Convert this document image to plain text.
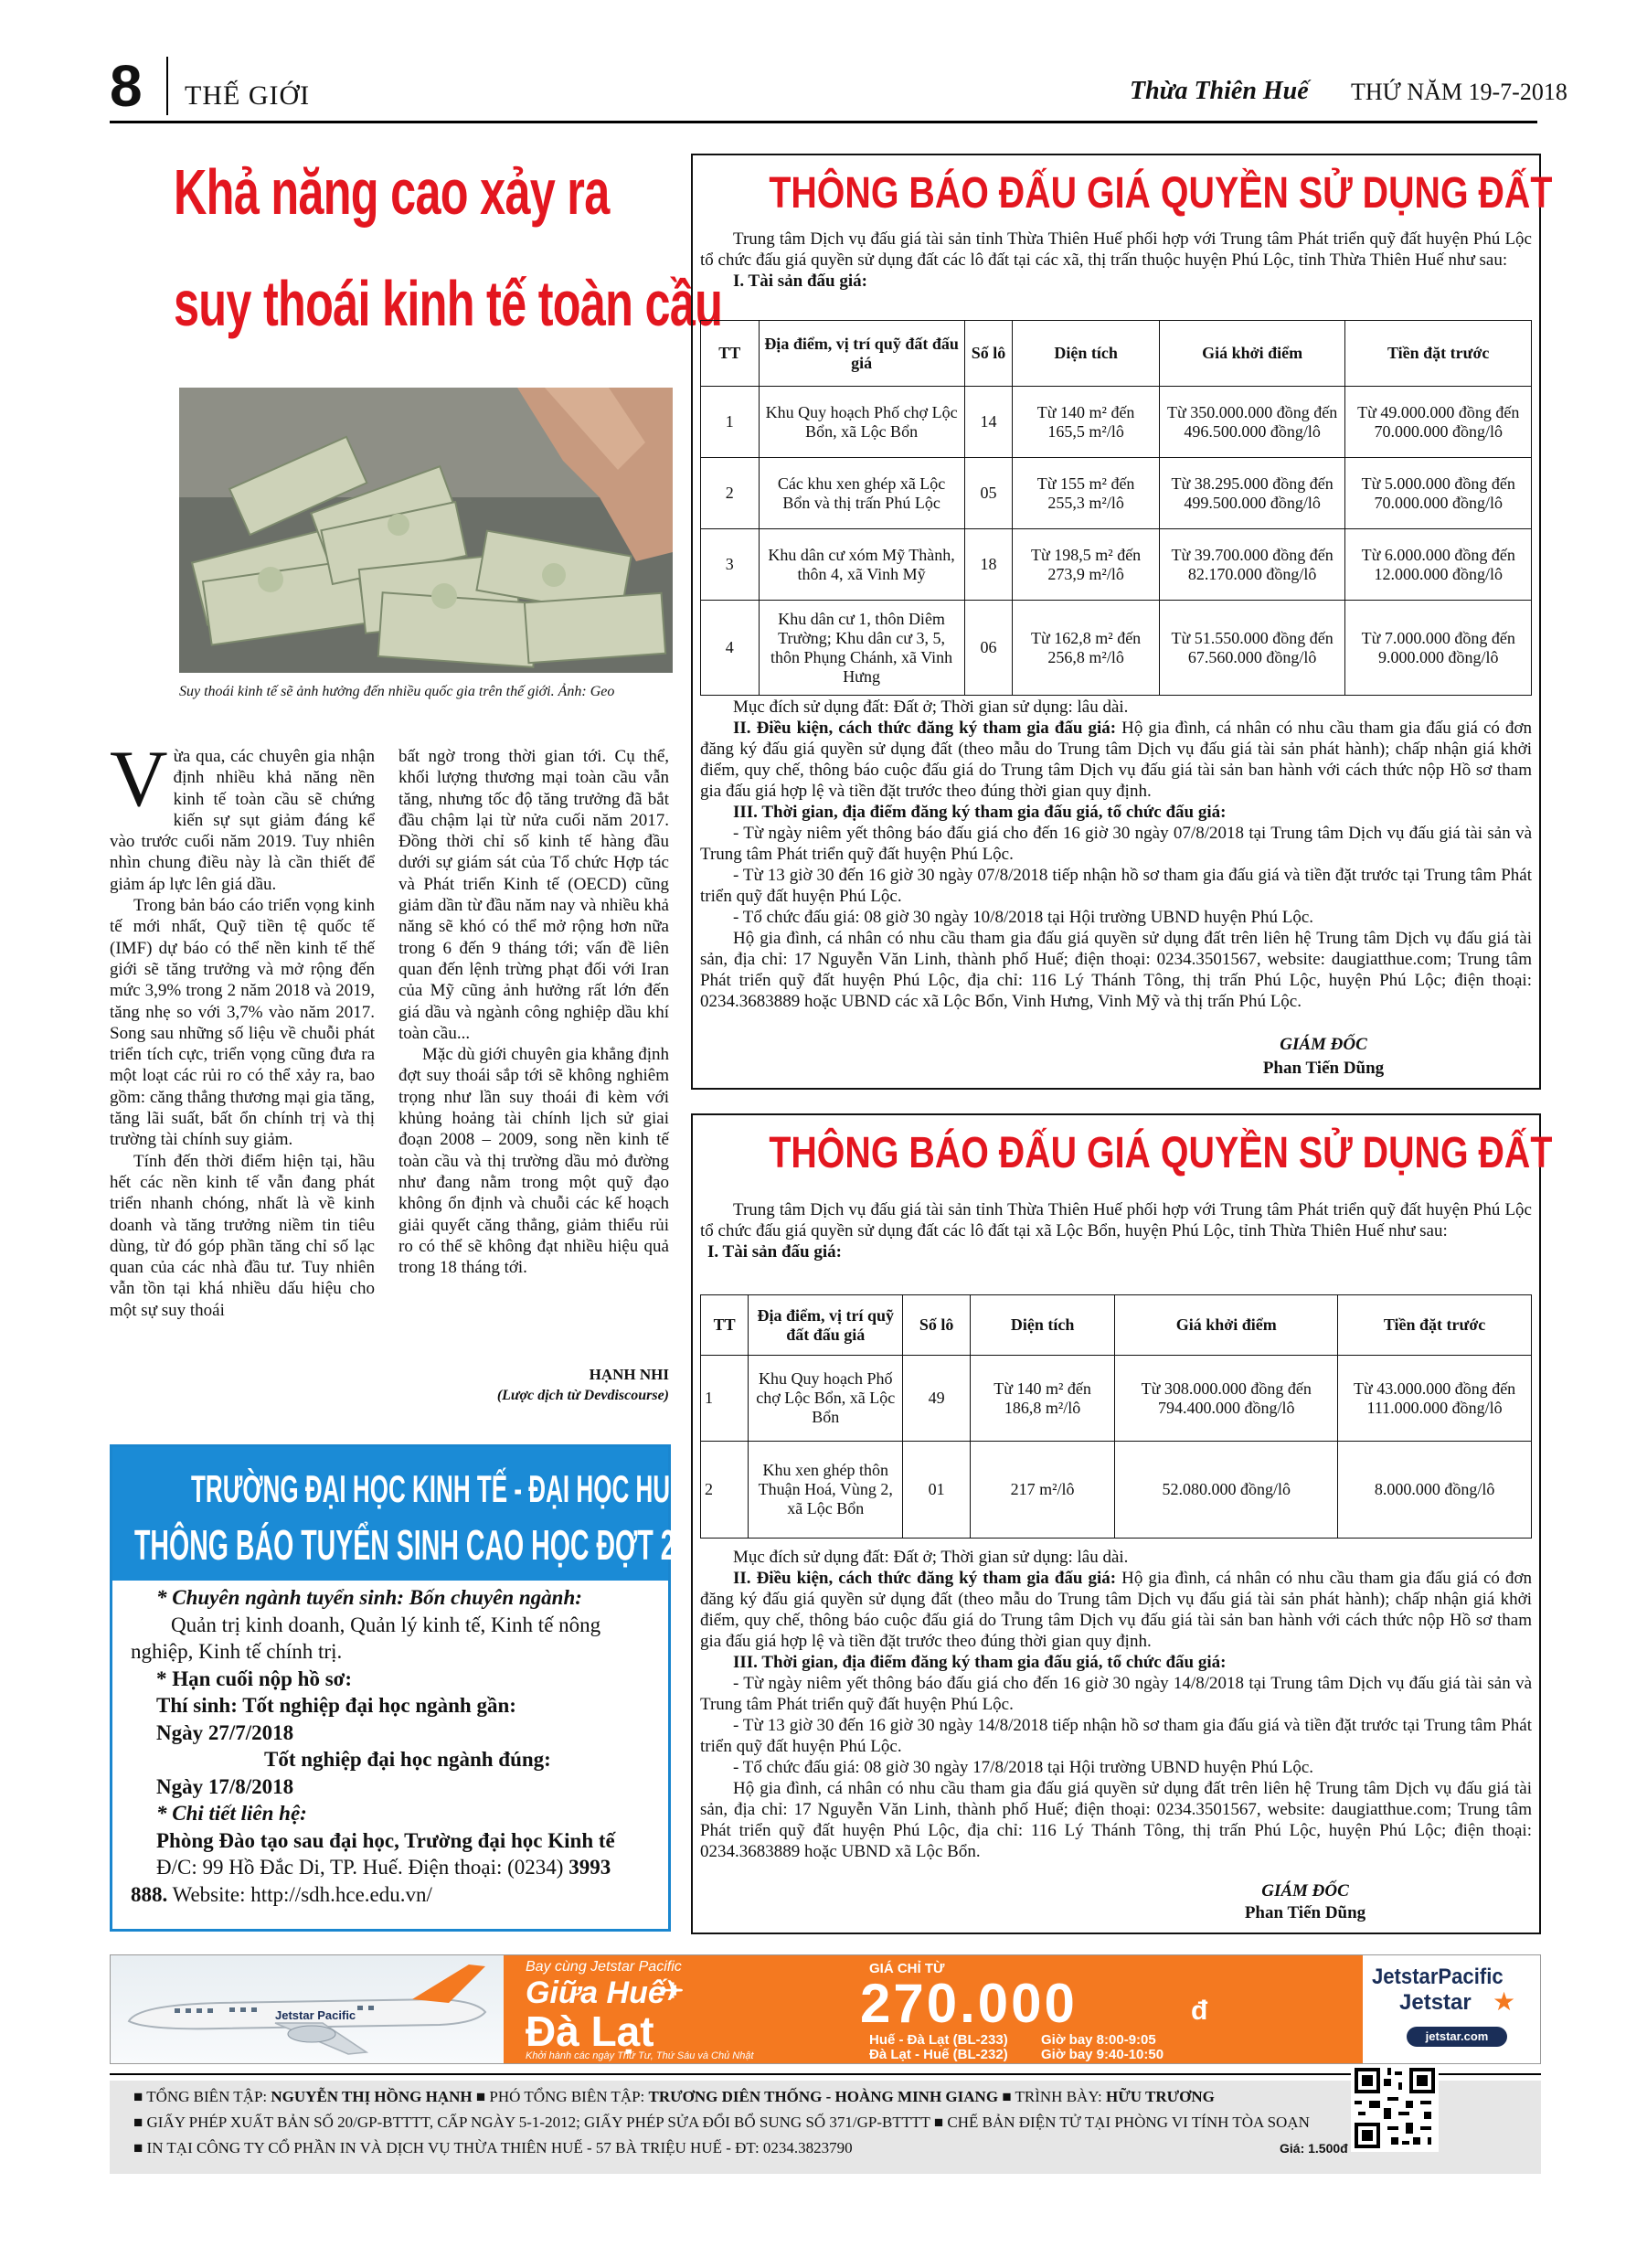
8 THẾ GIỚI	Thừa Thiên Huế THỨ NĂM 19-7-2018
Khả năng cao xảy ra
suy thoái kinh tế toàn cầu
Suy thoái kinh tế sẽ ảnh hưởng đến nhiều quốc gia trên thế giới. Ảnh: Geo

Vừa qua, các chuyên gia nhận định nhiều khả năng nền kinh tế toàn cầu sẽ chứng kiến sự sụt giảm đáng kể vào trước cuối năm 2019. Tuy nhiên nhìn chung điều này là cần thiết để giảm áp lực lên giá dầu.

Trong bản báo cáo triển vọng kinh tế mới nhất, Quỹ tiền tệ quốc tế (IMF) dự báo có thể nền kinh tế thế giới sẽ tăng trưởng và mở rộng đến mức 3,9% trong 2 năm 2018 và 2019, tăng nhẹ so với 3,7% vào năm 2017. Song sau những số liệu về chuỗi phát triển tích cực, triển vọng cũng đưa ra một loạt các rủi ro có thể xảy ra, bao gồm: căng thẳng thương mại gia tăng, tăng lãi suất, bất ổn chính trị và thị trường tài chính suy giảm.

Tính đến thời điểm hiện tại, hầu hết các nền kinh tế vẫn đang phát triển nhanh chóng, nhất là về kinh doanh và tăng trưởng niềm tin tiêu dùng, từ đó góp phần tăng chỉ số lạc quan của các nhà đầu tư. Tuy nhiên vẫn tồn tại khá nhiều dấu hiệu cho một sự suy thoái

bất ngờ trong thời gian tới. Cụ thể, khối lượng thương mại toàn cầu vẫn tăng, nhưng tốc độ tăng trưởng đã bắt đầu chậm lại từ nửa cuối năm 2017. Đồng thời chỉ số kinh tế hàng đầu dưới sự giám sát của Tổ chức Hợp tác và Phát triển Kinh tế (OECD) cũng giảm dần từ đầu năm nay và nhiều khả năng sẽ khó có thể mở rộng hơn nữa trong 6 đến 9 tháng tới; vấn đề liên quan đến lệnh trừng phạt đối với Iran của Mỹ cũng ảnh hưởng rất lớn đến giá dầu và ngành công nghiệp dầu khí toàn cầu...

Mặc dù giới chuyên gia khẳng định đợt suy thoái sắp tới sẽ không nghiêm trọng như lần suy thoái đi kèm với khủng hoảng tài chính lịch sử giai đoạn 2008 – 2009, song nền kinh tế toàn cầu và thị trường dầu mỏ đường như đang nằm trong một quỹ đạo không ổn định và chuỗi các kế hoạch giải quyết căng thẳng, giảm thiểu rủi ro có thể sẽ không đạt nhiều hiệu quả trong 18 tháng tới.

HẠNH NHI
(Lược dịch từ Devdiscourse)
TRƯỜNG ĐẠI HỌC KINH TẾ - ĐẠI HỌC HUẾ
THÔNG BÁO TUYỂN SINH CAO HỌC ĐỢT 2 NĂM 2018
* Chuyên ngành tuyển sinh: Bốn chuyên ngành:
Quản trị kinh doanh, Quản lý kinh tế, Kinh tế nông
nghiệp, Kinh tế chính trị.
* Hạn cuối nộp hồ sơ:
Thí sinh: Tốt nghiệp đại học ngành gần:
Ngày 27/7/2018
Tốt nghiệp đại học ngành đúng:
Ngày 17/8/2018
* Chi tiết liên hệ:
Phòng Đào tạo sau đại học, Trường đại học Kinh tế
Đ/C: 99 Hồ Đắc Di, TP. Huế. Điện thoại: (0234) 3993
888. Website: http://sdh.hce.edu.vn/
THÔNG BÁO ĐẤU GIÁ QUYỀN SỬ DỤNG ĐẤT

Trung tâm Dịch vụ đấu giá tài sản tỉnh Thừa Thiên Huế phối hợp với Trung tâm Phát triển quỹ đất huyện Phú Lộc tổ chức đấu giá quyền sử dụng đất các lô đất tại các xã, thị trấn thuộc huyện Phú Lộc, tỉnh Thừa Thiên Huế như sau:

I. Tài sản đấu giá:

TT	Địa điểm, vị trí quỹ đất đấu giá	Số lô	Diện tích	Giá khởi điểm	Tiền đặt trước
1	Khu Quy hoạch Phố chợ Lộc Bổn, xã Lộc Bổn	14	Từ 140 m² đến 165,5 m²/lô	Từ 350.000.000 đồng đến 496.500.000 đồng/lô	Từ 49.000.000 đồng đến 70.000.000 đồng/lô
2	Các khu xen ghép xã Lộc Bổn và thị trấn Phú Lộc	05	Từ 155 m² đến 255,3 m²/lô	Từ 38.295.000 đồng đến 499.500.000 đồng/lô	Từ 5.000.000 đồng đến 70.000.000 đồng/lô
3	Khu dân cư xóm Mỹ Thành, thôn 4, xã Vinh Mỹ	18	Từ 198,5 m² đến 273,9 m²/lô	Từ 39.700.000 đồng đến 82.170.000 đồng/lô	Từ 6.000.000 đồng đến 12.000.000 đồng/lô
4	Khu dân cư 1, thôn Diêm Trường; Khu dân cư 3, 5, thôn Phụng Chánh, xã Vinh Hưng	06	Từ 162,8 m² đến 256,8 m²/lô	Từ 51.550.000 đồng đến 67.560.000 đồng/lô	Từ 7.000.000 đồng đến 9.000.000 đồng/lô

Mục đích sử dụng đất: Đất ở; Thời gian sử dụng: lâu dài.

II. Điều kiện, cách thức đăng ký tham gia đấu giá: Hộ gia đình, cá nhân có nhu cầu tham gia đấu giá có đơn đăng ký đấu giá quyền sử dụng đất (theo mẫu do Trung tâm Dịch vụ đấu giá tài sản phát hành); chấp nhận giá khởi điểm, quy chế, thông báo cuộc đấu giá do Trung tâm Dịch vụ đấu giá tài sản ban hành với cách thức nộp Hồ sơ tham gia đấu giá hợp lệ và tiền đặt trước theo đúng thời gian quy định.

III. Thời gian, địa điểm đăng ký tham gia đấu giá, tổ chức đấu giá:

- Từ ngày niêm yết thông báo đấu giá cho đến 16 giờ 30 ngày 07/8/2018 tại Trung tâm Dịch vụ đấu giá tài sản và Trung tâm Phát triển quỹ đất huyện Phú Lộc.

- Từ 13 giờ 30 đến 16 giờ 30 ngày 07/8/2018 tiếp nhận hồ sơ tham gia đấu giá và tiền đặt trước tại Trung tâm Phát triển quỹ đất huyện Phú Lộc.

- Tổ chức đấu giá: 08 giờ 30 ngày 10/8/2018 tại Hội trường UBND huyện Phú Lộc.

Hộ gia đình, cá nhân có nhu cầu tham gia đấu giá quyền sử dụng đất trên liên hệ Trung tâm Dịch vụ đấu giá tài sản, địa chỉ: 17 Nguyễn Văn Linh, thành phố Huế; điện thoại: 0234.3501567, website: daugiatthue.com; Trung tâm Phát triển quỹ đất huyện Phú Lộc, địa chỉ: 116 Lý Thánh Tông, thị trấn Phú Lộc, huyện Phú Lộc; điện thoại: 0234.3683889 hoặc UBND các xã Lộc Bổn, Vinh Hưng, Vinh Mỹ và thị trấn Phú Lộc.

GIÁM ĐỐC
Phan Tiến Dũng
THÔNG BÁO ĐẤU GIÁ QUYỀN SỬ DỤNG ĐẤT

Trung tâm Dịch vụ đấu giá tài sản tỉnh Thừa Thiên Huế phối hợp với Trung tâm Phát triển quỹ đất huyện Phú Lộc tổ chức đấu giá quyền sử dụng đất các lô đất tại xã Lộc Bổn, huyện Phú Lộc, tỉnh Thừa Thiên Huế như sau:

I. Tài sản đấu giá:

TT	Địa điểm, vị trí quỹ đất đấu giá	Số lô	Diện tích	Giá khởi điểm	Tiền đặt trước
1	Khu Quy hoạch Phố chợ Lộc Bổn, xã Lộc Bổn	49	Từ 140 m² đến 186,8 m²/lô	Từ 308.000.000 đồng đến 794.400.000 đồng/lô	Từ 43.000.000 đồng đến 111.000.000 đồng/lô
2	Khu xen ghép thôn Thuận Hoá, Vùng 2, xã Lộc Bổn	01	217 m²/lô	52.080.000 đồng/lô	8.000.000 đồng/lô

Mục đích sử dụng đất: Đất ở; Thời gian sử dụng: lâu dài.

II. Điều kiện, cách thức đăng ký tham gia đấu giá: Hộ gia đình, cá nhân có nhu cầu tham gia đấu giá có đơn đăng ký đấu giá quyền sử dụng đất (theo mẫu do Trung tâm Dịch vụ đấu giá tài sản phát hành); chấp nhận giá khởi điểm, quy chế, thông báo cuộc đấu giá do Trung tâm Dịch vụ đấu giá tài sản ban hành với cách thức nộp Hồ sơ tham gia đấu giá hợp lệ và tiền đặt trước theo đúng thời gian quy định.

III. Thời gian, địa điểm đăng ký tham gia đấu giá, tổ chức đấu giá:

- Từ ngày niêm yết thông báo đấu giá cho đến 16 giờ 30 ngày 14/8/2018 tại Trung tâm Dịch vụ đấu giá tài sản và Trung tâm Phát triển quỹ đất huyện Phú Lộc.

- Từ 13 giờ 30 đến 16 giờ 30 ngày 14/8/2018 tiếp nhận hồ sơ tham gia đấu giá và tiền đặt trước tại Trung tâm Phát triển quỹ đất huyện Phú Lộc.

- Tổ chức đấu giá: 08 giờ 30 ngày 17/8/2018 tại Hội trường UBND huyện Phú Lộc.

Hộ gia đình, cá nhân có nhu cầu tham gia đấu giá quyền sử dụng đất trên liên hệ Trung tâm Dịch vụ đấu giá tài sản, địa chỉ: 17 Nguyễn Văn Linh, thành phố Huế; điện thoại: 0234.3501567, website: daugiatthue.com; Trung tâm Phát triển quỹ đất huyện Phú Lộc, địa chỉ: 116 Lý Thánh Tông, thị trấn Phú Lộc, huyện Phú Lộc; điện thoại: 0234.3683889 hoặc UBND xã Lộc Bổn.

GIÁM ĐỐC
Phan Tiến Dũng
Jetstar Pacific
Bay cùng Jetstar Pacific
Giữa Huế
✈
Đà Lạt
Khởi hành các ngày Thứ Tư, Thứ Sáu và Chủ Nhật
GIÁ CHỈ TỪ
270.000	đ
Huế - Đà Lạt (BL-233) Giờ bay 8:00-9:05
Đà Lạt - Huế (BL-232) Giờ bay 9:40-10:50
JetstarPacific
Jetstar ★
jetstar.com
■ TỔNG BIÊN TẬP: NGUYỄN THỊ HỒNG HẠNH ■ PHÓ TỔNG BIÊN TẬP: TRƯƠNG DIÊN THỐNG - HOÀNG MINH GIANG ■ TRÌNH BÀY: HỮU TRƯƠNG
■ GIẤY PHÉP XUẤT BẢN SỐ 20/GP-BTTTT, CẤP NGÀY 5-1-2012; GIẤY PHÉP SỬA ĐỔI BỔ SUNG SỐ 371/GP-BTTTT ■ CHẾ BẢN ĐIỆN TỬ TẠI PHÒNG VI TÍNH TÒA SOẠN
■ IN TẠI CÔNG TY CỔ PHẦN IN VÀ DỊCH VỤ THỪA THIÊN HUẾ - 57 BÀ TRIỆU HUẾ - ĐT: 0234.3823790	Giá: 1.500đ
